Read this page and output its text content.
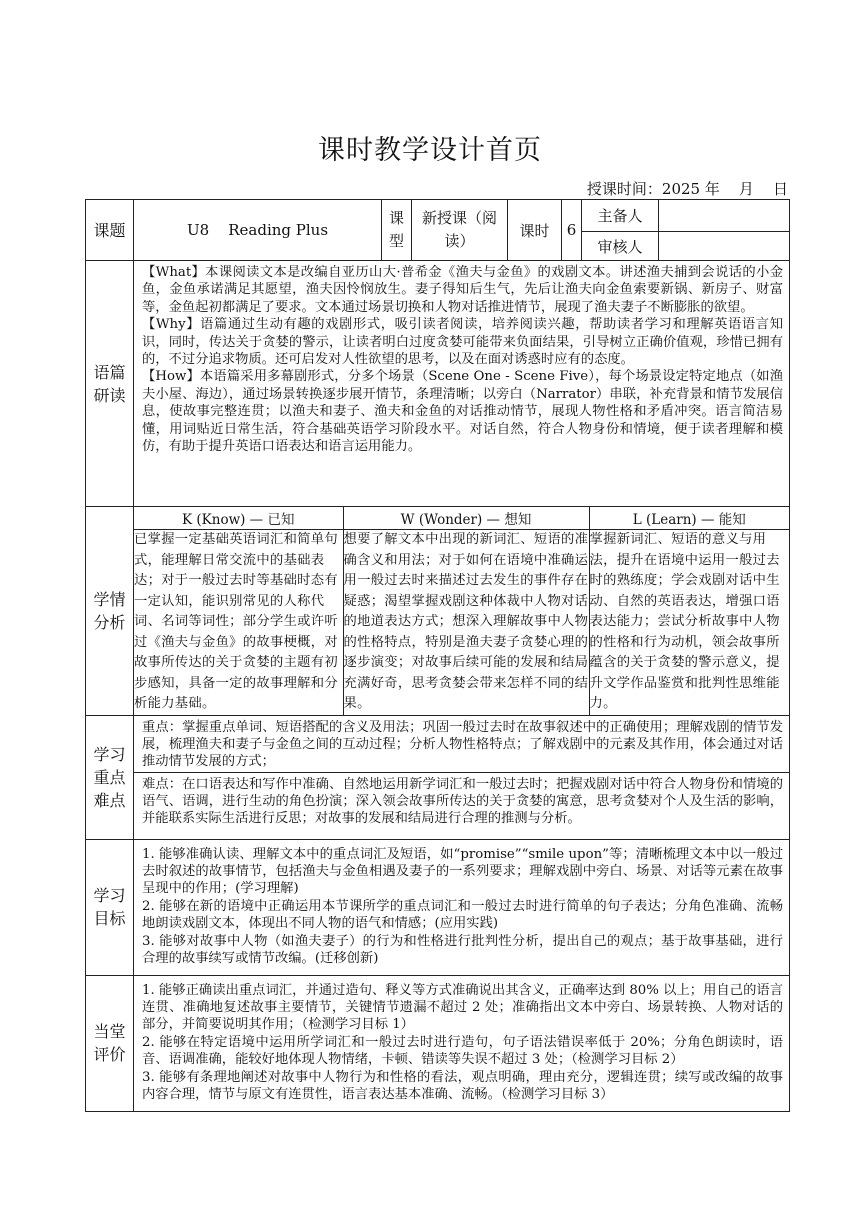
课时教学设计首页
授课时间：2025 年    月    日
课题	U8    Reading Plus	课型	新授课（阅读）	课时	6	主备人	
审核人	
语篇研读	

【What】本课阅读文本是改编自亚历山大·普希金《渔夫与金鱼》的戏剧文本。讲述渔夫捕到会说话的小金鱼，金鱼承诺满足其愿望，渔夫因怜悯放生。妻子得知后生气，先后让渔夫向金鱼索要新锅、新房子、财富等，金鱼起初都满足了要求。文本通过场景切换和人物对话推进情节，展现了渔夫妻子不断膨胀的欲望。

【Why】语篇通过生动有趣的戏剧形式，吸引读者阅读，培养阅读兴趣，帮助读者学习和理解英语语言知识，同时，传达关于贪婪的警示，让读者明白过度贪婪可能带来负面结果，引导树立正确价值观，珍惜已拥有的，不过分追求物质。还可启发对人性欲望的思考，以及在面对诱惑时应有的态度。

【How】本语篇采用多幕剧形式，分多个场景（Scene One - Scene Five），每个场景设定特定地点（如渔夫小屋、海边），通过场景转换逐步展开情节，条理清晰；以旁白（Narrator）串联，补充背景和情节发展信息，使故事完整连贯；以渔夫和妻子、渔夫和金鱼的对话推动情节，展现人物性格和矛盾冲突。语言简洁易懂，用词贴近日常生活，符合基础英语学习阶段水平。对话自然，符合人物身份和情境，便于读者理解和模仿，有助于提升英语口语表达和语言运用能力。

学情分析	
K (Know) — 已知	W (Wonder) — 想知	L (Learn) — 能知
已掌握一定基础英语词汇和简单句式，能理解日常交流中的基础表达；对于一般过去时等基础时态有一定认知，能识别常见的人称代词、名词等词性；部分学生或许听过《渔夫与金鱼》的故事梗概，对故事所传达的关于贪婪的主题有初步感知，具备一定的故事理解和分析能力基础。	想要了解文本中出现的新词汇、短语的准确含义和用法；对于如何在语境中准确运用一般过去时来描述过去发生的事件存在疑惑；渴望掌握戏剧这种体裁中人物对话的地道表达方式；想深入理解故事中人物的性格特点，特别是渔夫妻子贪婪心理的逐步演变；对故事后续可能的发展和结局充满好奇，思考贪婪会带来怎样不同的结果。	掌握新词汇、短语的意义与用法，提升在语境中运用一般过去时的熟练度；学会戏剧对话中生动、自然的英语表达，增强口语表达能力；尝试分析故事中人物的性格和行为动机，领会故事所蕴含的关于贪婪的警示意义，提升文学作品鉴赏和批判性思维能力。

学习重点难点	
重点：掌握重点单词、短语搭配的含义及用法；巩固一般过去时在故事叙述中的正确使用；理解戏剧的情节发展，梳理渔夫和妻子与金鱼之间的互动过程；分析人物性格特点；了解戏剧中的元素及其作用，体会通过对话推动情节发展的方式；
难点：在口语表达和写作中准确、自然地运用新学词汇和一般过去时；把握戏剧对话中符合人物身份和情境的语气、语调，进行生动的角色扮演；深入领会故事所传达的关于贪婪的寓意，思考贪婪对个人及生活的影响，并能联系实际生活进行反思；对故事的发展和结局进行合理的推测与分析。

学习目标	

1. 能够准确认读、理解文本中的重点词汇及短语，如“promise”“smile upon”等；清晰梳理文本中以一般过去时叙述的故事情节，包括渔夫与金鱼相遇及妻子的一系列要求；理解戏剧中旁白、场景、对话等元素在故事呈现中的作用；(学习理解)

2. 能够在新的语境中正确运用本节课所学的重点词汇和一般过去时进行简单的句子表达；分角色准确、流畅地朗读戏剧文本，体现出不同人物的语气和情感；(应用实践)

3. 能够对故事中人物（如渔夫妻子）的行为和性格进行批判性分析，提出自己的观点；基于故事基础，进行合理的故事续写或情节改编。(迁移创新)

当堂评价	

1. 能够正确读出重点词汇，并通过造句、释义等方式准确说出其含义，正确率达到 80% 以上；用自己的语言连贯、准确地复述故事主要情节，关键情节遗漏不超过 2 处；准确指出文本中旁白、场景转换、人物对话的部分，并简要说明其作用；（检测学习目标 1）

2. 能够在特定语境中运用所学词汇和一般过去时进行造句，句子语法错误率低于 20%；分角色朗读时，语音、语调准确，能较好地体现人物情绪，卡顿、错读等失误不超过 3 处；（检测学习目标 2）

3. 能够有条理地阐述对故事中人物行为和性格的看法，观点明确，理由充分，逻辑连贯；续写或改编的故事内容合理，情节与原文有连贯性，语言表达基本准确、流畅。（检测学习目标 3）
